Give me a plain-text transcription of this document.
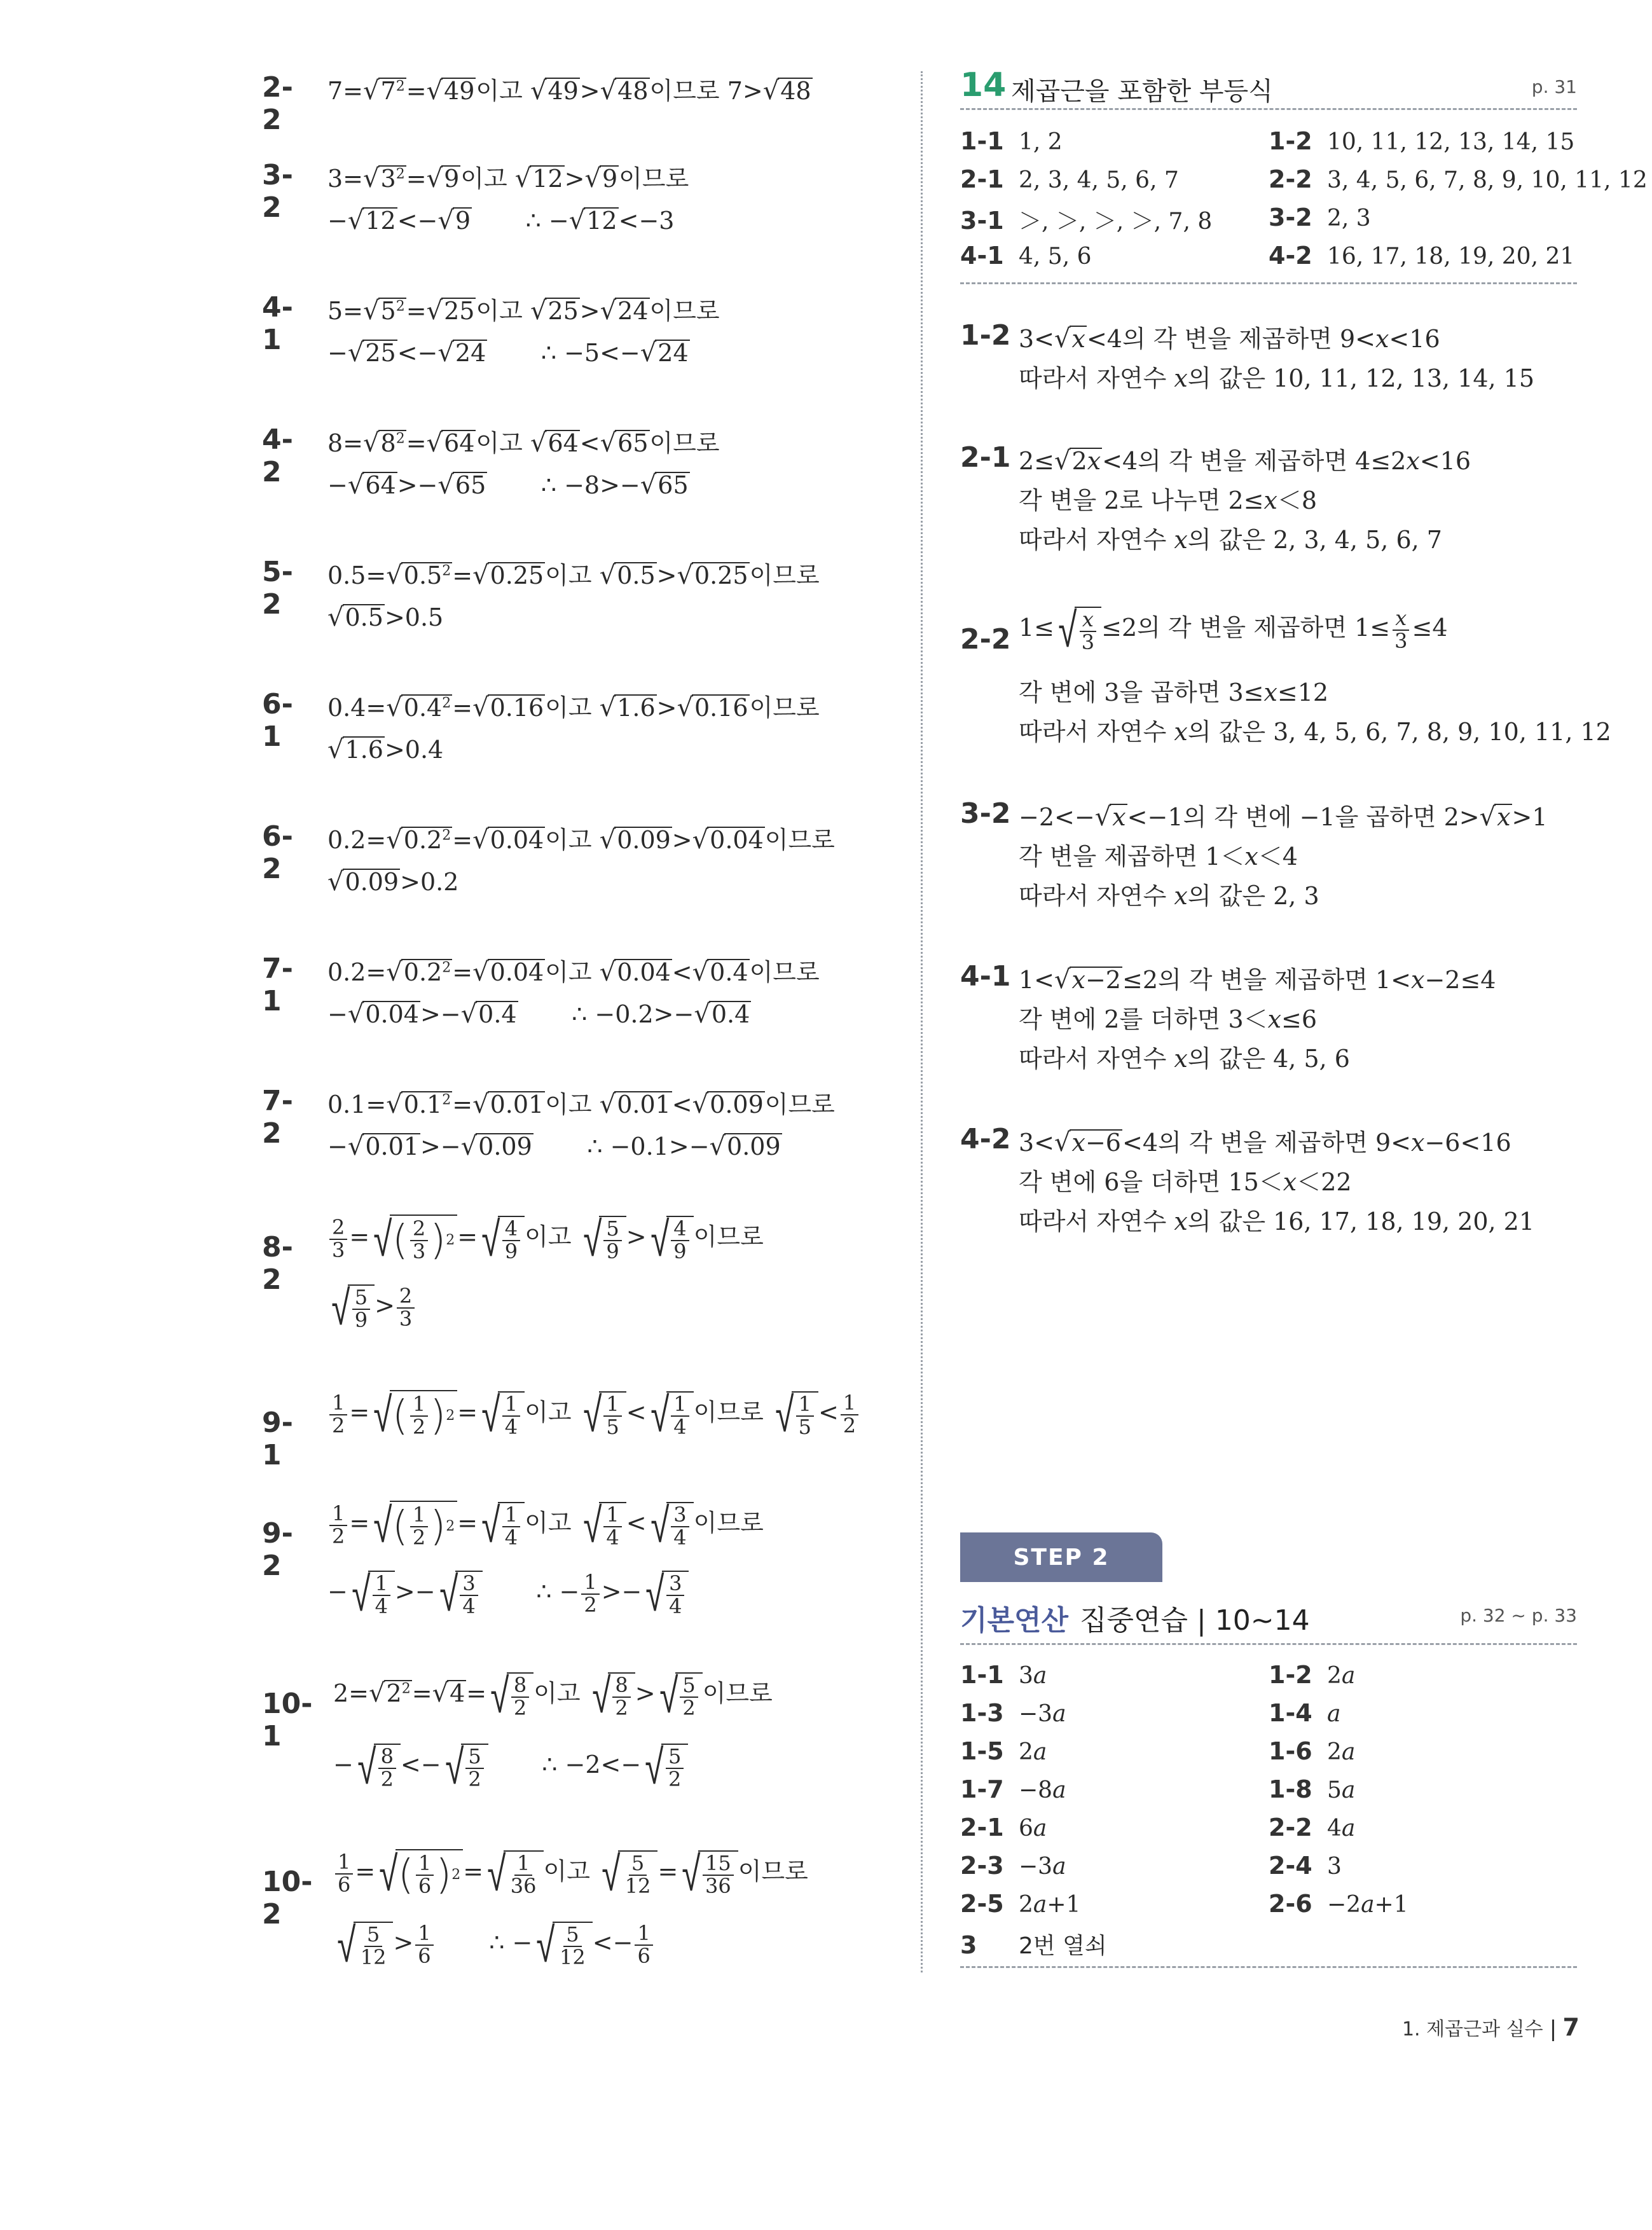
2-2
$7=√7^2=√49$이고 √49>√48이므로 7>√48
3-2
$3=√3^2=√9$이고 √12>√9이므로
−√12<−√9 ∴ −√12<−3
4-1
$5=√5^2=√25$이고 √25>√24이므로
−√25<−√24 ∴ −5<−√24
4-2
$8=√8^2=√64$이고 √64<√65이므로
−√64>−√65 ∴ −8>−√65
5-2
$0.5=√0.5^2=√0.25$이고 √0.5>√0.25이므로
√0.5>0.5
6-1
$0.4=√0.4^2=√0.16$이고 √1.6>√0.16이므로
√1.6>0.4
6-2
$0.2=√0.2^2=√0.04$이고 √0.09>√0.04이므로
√0.09>0.2
7-1
$0.2=√0.2^2=√0.04$이고 √0.04<√0.4이므로
−√0.04>−√0.4 ∴ −0.2>−√0.4
7-2
$0.1=√0.1^2=√0.01$이고 √0.01<√0.09이므로
−√0.01>−√0.09 ∴ −0.1>−√0.09
8-2
$\frac{2}{3}$ = √ ( $\frac{2}{3}$ ) 2 = √ $\frac{4}{9}$ 이고 √ $\frac{5}{9}$ > √ $\frac{4}{9}$ 이므로
√ $\frac{5}{9} > \frac{2}{3}$
9-1
$\frac{1}{2}$ = √ ( $\frac{1}{2}$ ) 2 = √ $\frac{1}{4}$ 이고 √ $\frac{1}{5}$ < √ $\frac{1}{4}$ 이므로 √ $\frac{1}{5} < \frac{1}{2}$
9-2
$\frac{1}{2}$ = √ ( $\frac{1}{2}$ ) 2 = √ $\frac{1}{4}$ 이고 √ $\frac{1}{4}$ < √ $\frac{3}{4}$ 이므로
− √ $\frac{1}{4}$ >− √ $\frac{3}{4}$ ∴ − $\frac{1}{2}$ >− √ $\frac{3}{4}$
10-1
$2=√2^2=√4=$ √ $\frac{8}{2}$ 이고 √ $\frac{8}{2}$ > √ $\frac{5}{2}$ 이므로
− √ $\frac{8}{2}$ <− √ $\frac{5}{2}$ ∴ −2<− √ $\frac{5}{2}$
10-2
$\frac{1}{6}$ = √ ( $\frac{1}{6}$ ) 2 = √ $\frac{1}{36}$ 이고 √ $\frac{5}{12}$ = √ $\frac{15}{36}$ 이므로
√ $\frac{5}{12} > \frac{1}{6}$ ∴ − √ $\frac{5}{12} <- \frac{1}{6}$
14 제곱근을 포함한 부등식	p. 31
1-1 1, 2	1-2 10, 11, 12, 13, 14, 15
2-1 2, 3, 4, 5, 6, 7	2-2 3, 4, 5, 6, 7, 8, 9, 10, 11, 12
3-1 ＞, ＞, ＞, ＞, 7, 8 3-2 2, 3
4-1 4, 5, 6	4-2 16, 17, 18, 19, 20, 21
1-2 3<√x<4의 각 변을 제곱하면 9<x<16
따라서 자연수 𝑥의 값은 10, 11, 12, 13, 14, 15
2-1 2≤√2x<4의 각 변을 제곱하면 4≤2x<16
각 변을 2로 나누면 2≤𝑥＜8
따라서 자연수 𝑥의 값은 2, 3, 4, 5, 6, 7
2-2 1≤ √ $\frac{x}{3} \le 2$의 각 변을 제곱하면 $1\le \frac{x}{3} \le 4$
각 변에 3을 곱하면 3≤𝑥≤12
따라서 자연수 𝑥의 값은 3, 4, 5, 6, 7, 8, 9, 10, 11, 12
3-2 −2<−√x<−1의 각 변에 −1을 곱하면 2>√x>1
각 변을 제곱하면 1＜𝑥＜4
따라서 자연수 𝑥의 값은 2, 3
4-1 1<√x−2≤2의 각 변을 제곱하면 1<x−2≤4
각 변에 2를 더하면 3＜𝑥≤6
따라서 자연수 𝑥의 값은 4, 5, 6
4-2 3<√x−6<4의 각 변을 제곱하면 9<x−6<16
각 변에 6을 더하면 15＜𝑥＜22
따라서 자연수 𝑥의 값은 16, 17, 18, 19, 20, 21
STEP 2
기본연산 집중연습 | 10~14	p. 32 ~ p. 33
1-1 3𝑎	1-2 2𝑎
1-3 −3𝑎	1-4 𝑎
1-5 2𝑎	1-6 2𝑎
1-7 −8𝑎	1-8 5𝑎
2-1 6𝑎	2-2 4𝑎
2-3 −3𝑎	2-4 3
2-5 2𝑎+1	2-6 −2𝑎+1
3 2번 열쇠
1. 제곱근과 실수 7
